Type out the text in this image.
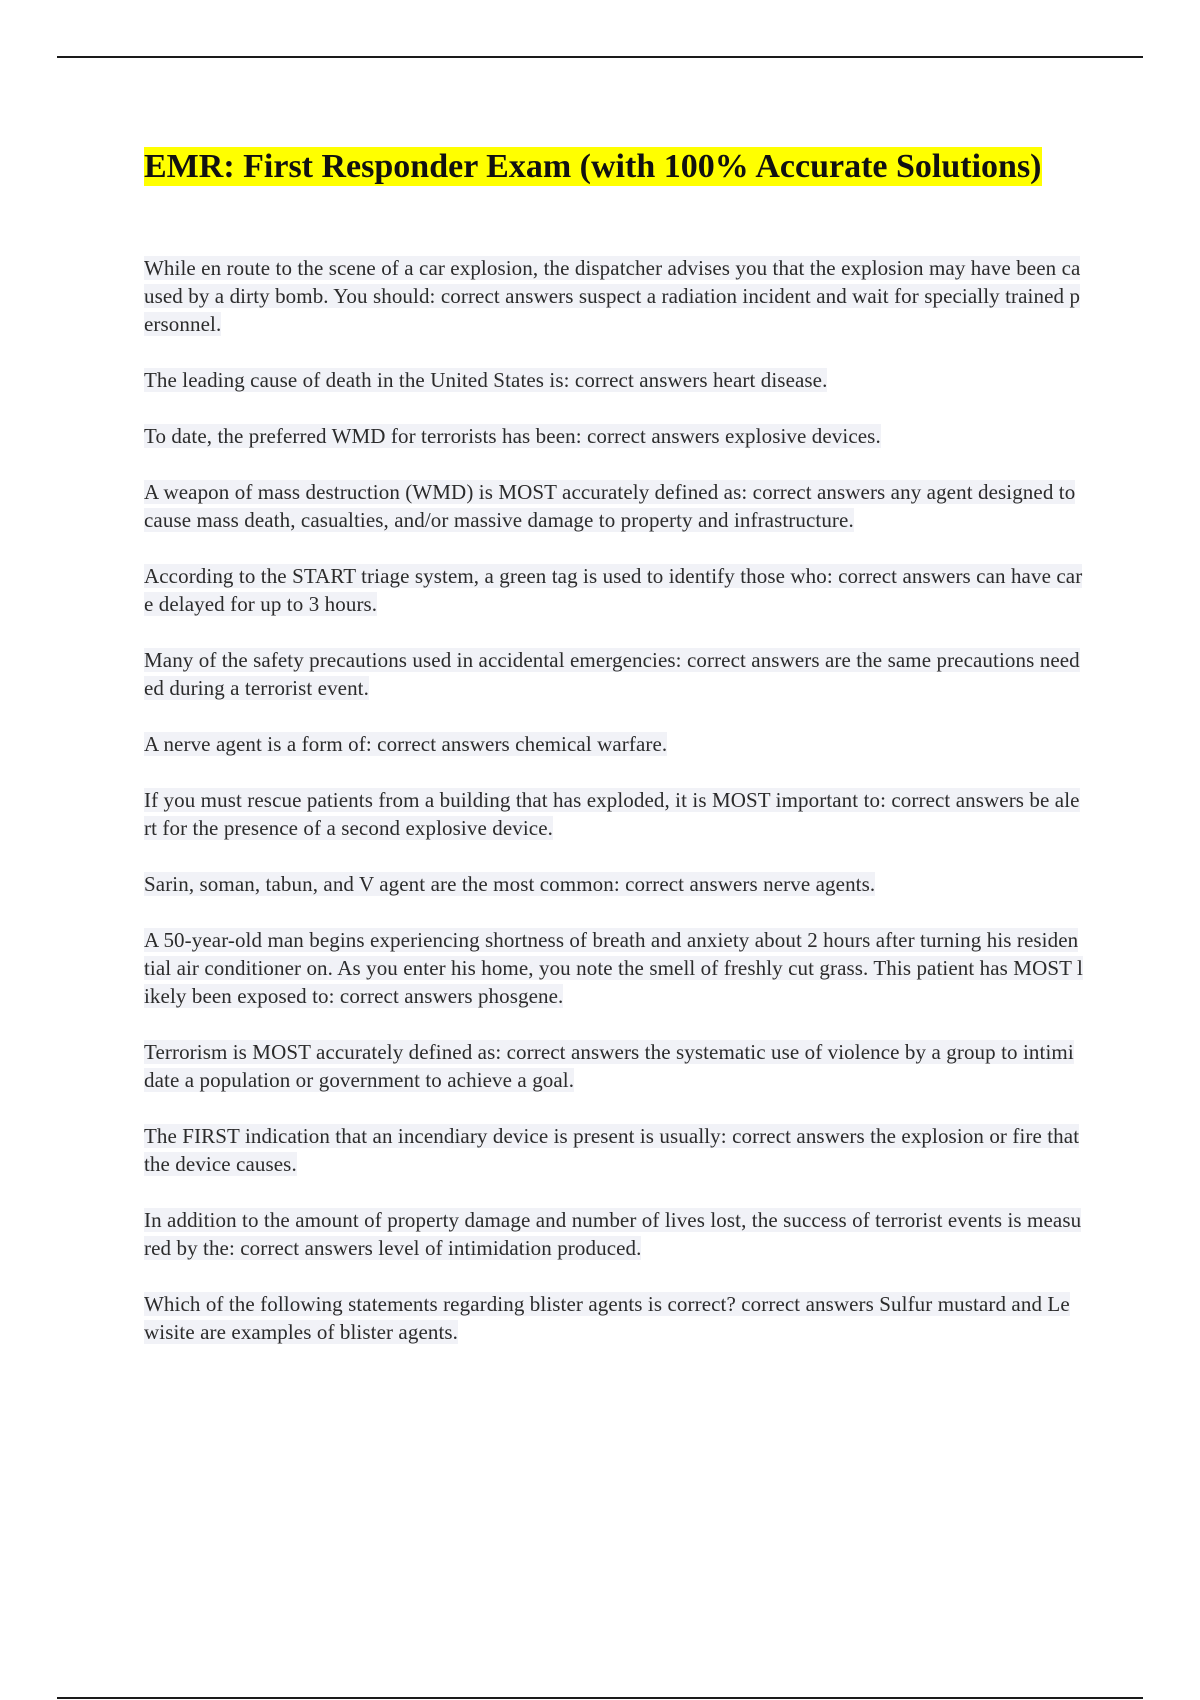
EMR: First Responder Exam (with 100% Accurate Solutions)
While en route to the scene of a car explosion, the dispatcher advises you that the explosion may have been caused by a dirty bomb. You should: correct answers suspect a radiation incident and wait for specially trained personnel.
The leading cause of death in the United States is: correct answers heart disease.
To date, the preferred WMD for terrorists has been: correct answers explosive devices.
A weapon of mass destruction (WMD) is MOST accurately defined as: correct answers any agent designed to cause mass death, casualties, and/or massive damage to property and infrastructure.
According to the START triage system, a green tag is used to identify those who: correct answers can have care delayed for up to 3 hours.
Many of the safety precautions used in accidental emergencies: correct answers are the same precautions needed during a terrorist event.
A nerve agent is a form of: correct answers chemical warfare.
If you must rescue patients from a building that has exploded, it is MOST important to: correct answers be alert for the presence of a second explosive device.
Sarin, soman, tabun, and V agent are the most common: correct answers nerve agents.
A 50-year-old man begins experiencing shortness of breath and anxiety about 2 hours after turning his residential air conditioner on. As you enter his home, you note the smell of freshly cut grass. This patient has MOST likely been exposed to: correct answers phosgene.
Terrorism is MOST accurately defined as: correct answers the systematic use of violence by a group to intimidate a population or government to achieve a goal.
The FIRST indication that an incendiary device is present is usually: correct answers the explosion or fire that the device causes.
In addition to the amount of property damage and number of lives lost, the success of terrorist events is measured by the: correct answers level of intimidation produced.
Which of the following statements regarding blister agents is correct? correct answers Sulfur mustard and Lewisite are examples of blister agents.
